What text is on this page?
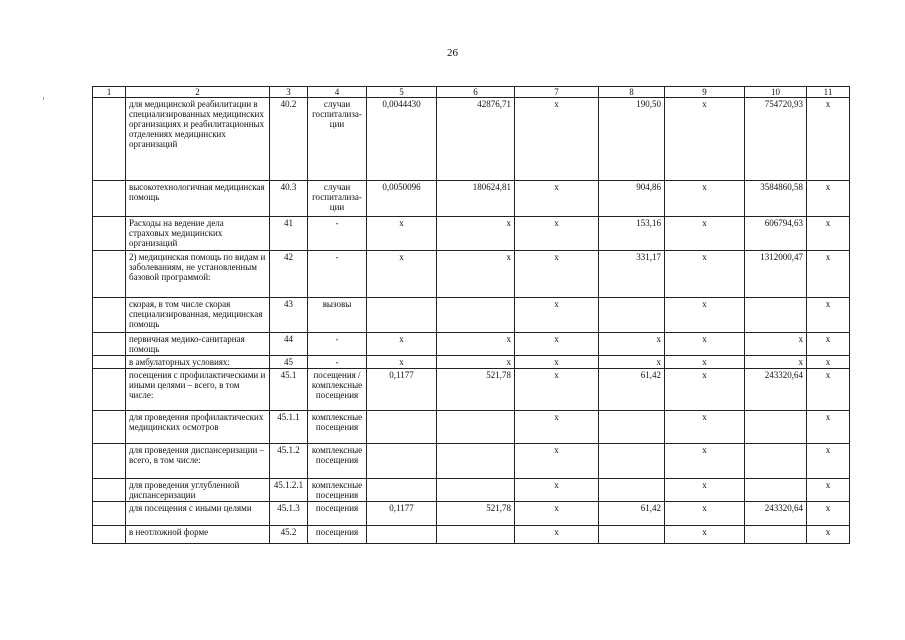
26
1	2	3	4	5	6	7	8	9	10	11
	для медицинской реабилитации в специализированных медицинских организациях и реабилитационных отделениях медицинских организаций	40.2	случаи госпитализа-ции	0,0044430	42876,71	х	190,50	х	754720,93	х
	высокотехнологичная медицинская помощь	40.3	случаи госпитализа-ции	0,0050096	180624,81	х	904,86	х	3584860,58	х
	Расходы на ведение дела страховых медицинских организаций	41	-	х	х	х	153,16	х	606794,63	х
	2) медицинская помощь по видам и заболеваниям, не установленным базовой программой:	42	-	х	х	х	331,17	х	1312000,47	х
	скорая, в том числе скорая специализированная, медицинская помощь	43	вызовы			х		х		х
	первичная медико-санитарная помощь	44	-	х	х	х	х	х	х	х
	в амбулаторных условиях:	45	-	х	х	х	х	х	х	х
	посещения с профилактическими и иными целями – всего, в том числе:	45.1	посещения / комплексные посещения	0,1177	521,78	х	61,42	х	243320,64	х
	для проведения профилактических медицинских осмотров	45.1.1	комплексные посещения			х		х		х
	для проведения диспансеризации – всего, в том числе:	45.1.2	комплексные посещения			х		х		х
	для проведения углубленной диспансеризации	45.1.2.1	комплексные посещения			х		х		х
	для посещения с иными целями	45.1.3	посещения	0,1177	521,78	х	61,42	х	243320,64	х
	в неотложной форме	45.2	посещения			х		х		х
